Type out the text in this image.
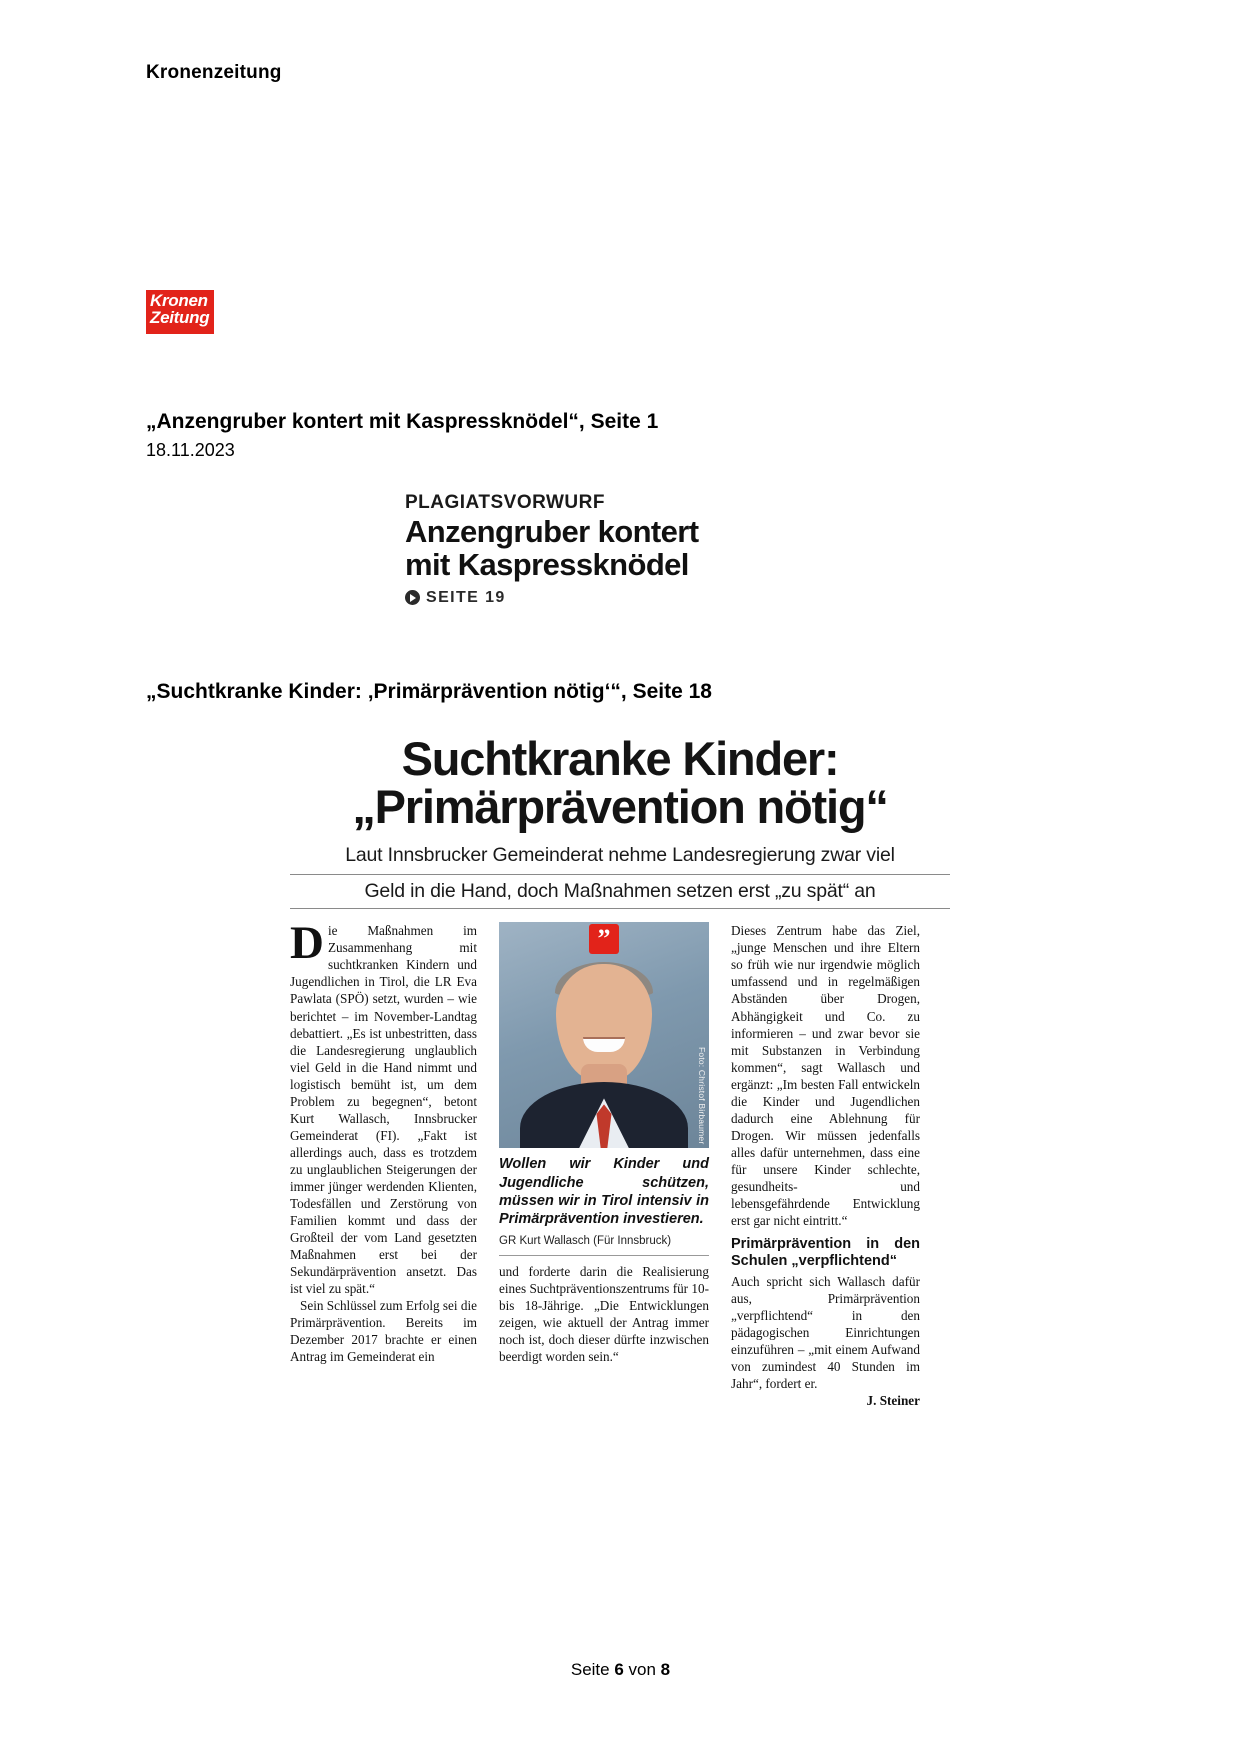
Kronenzeitung
Kronen
Zeitung
„Anzengruber kontert mit Kaspressknödel“, Seite 1
18.11.2023
PLAGIATSVORWURF
Anzengruber kontert
mit Kaspressknödel
SEITE 19
„Suchtkranke Kinder: ‚Primärprävention nötig‘“, Seite 18
Suchtkranke Kinder:
„Primärprävention nötig“
Laut Innsbrucker Gemeinderat nehme Landesregierung zwar viel
Geld in die Hand, doch Maßnahmen setzen erst „zu spät“ an

Die Maßnahmen im Zusammenhang mit suchtkranken Kindern und Jugendlichen in Tirol, die LR Eva Pawlata (SPÖ) setzt, wurden – wie berichtet – im November-Landtag debattiert. „Es ist unbestritten, dass die Landesregierung unglaublich viel Geld in die Hand nimmt und logistisch bemüht ist, um dem Problem zu begegnen“, betont Kurt Wallasch, Innsbrucker Gemeinderat (FI). „Fakt ist allerdings auch, dass es trotzdem zu unglaublichen Steigerungen der immer jünger werdenden Klienten, Todesfällen und Zerstörung von Familien kommt und dass der Großteil der vom Land gesetzten Maßnahmen erst bei der Sekundärprävention ansetzt. Das ist viel zu spät.“

Sein Schlüssel zum Erfolg sei die Primärprävention. Bereits im Dezember 2017 brachte er einen Antrag im Gemeinderat ein

”
Foto: Christof Birbaumer
Wollen wir Kinder und Jugendliche schützen, müssen wir in Tirol intensiv in Primärprävention investieren.
GR Kurt Wallasch (Für Innsbruck)

und forderte darin die Realisierung eines Suchtpräventionszentrums für 10- bis 18-Jährige. „Die Entwicklungen zeigen, wie aktuell der Antrag immer noch ist, doch dieser dürfte inzwischen beerdigt worden sein.“

Dieses Zentrum habe das Ziel, „junge Menschen und ihre Eltern so früh wie nur irgendwie möglich umfassend und in regelmäßigen Abständen über Drogen, Abhängigkeit und Co. zu informieren – und zwar bevor sie mit Substanzen in Verbindung kommen“, sagt Wallasch und ergänzt: „Im besten Fall entwickeln die Kinder und Jugendlichen dadurch eine Ablehnung für Drogen. Wir müssen jedenfalls alles dafür unternehmen, dass eine für unsere Kinder schlechte, gesundheits- und lebensgefährdende Entwicklung erst gar nicht eintritt.“

Primärprävention in den Schulen „verpflichtend“

Auch spricht sich Wallasch dafür aus, Primärprävention „verpflichtend“ in den pädagogischen Einrichtungen einzuführen – „mit einem Aufwand von zumindest 40 Stunden im Jahr“, fordert er.

J. Steiner
Seite 6 von 8
